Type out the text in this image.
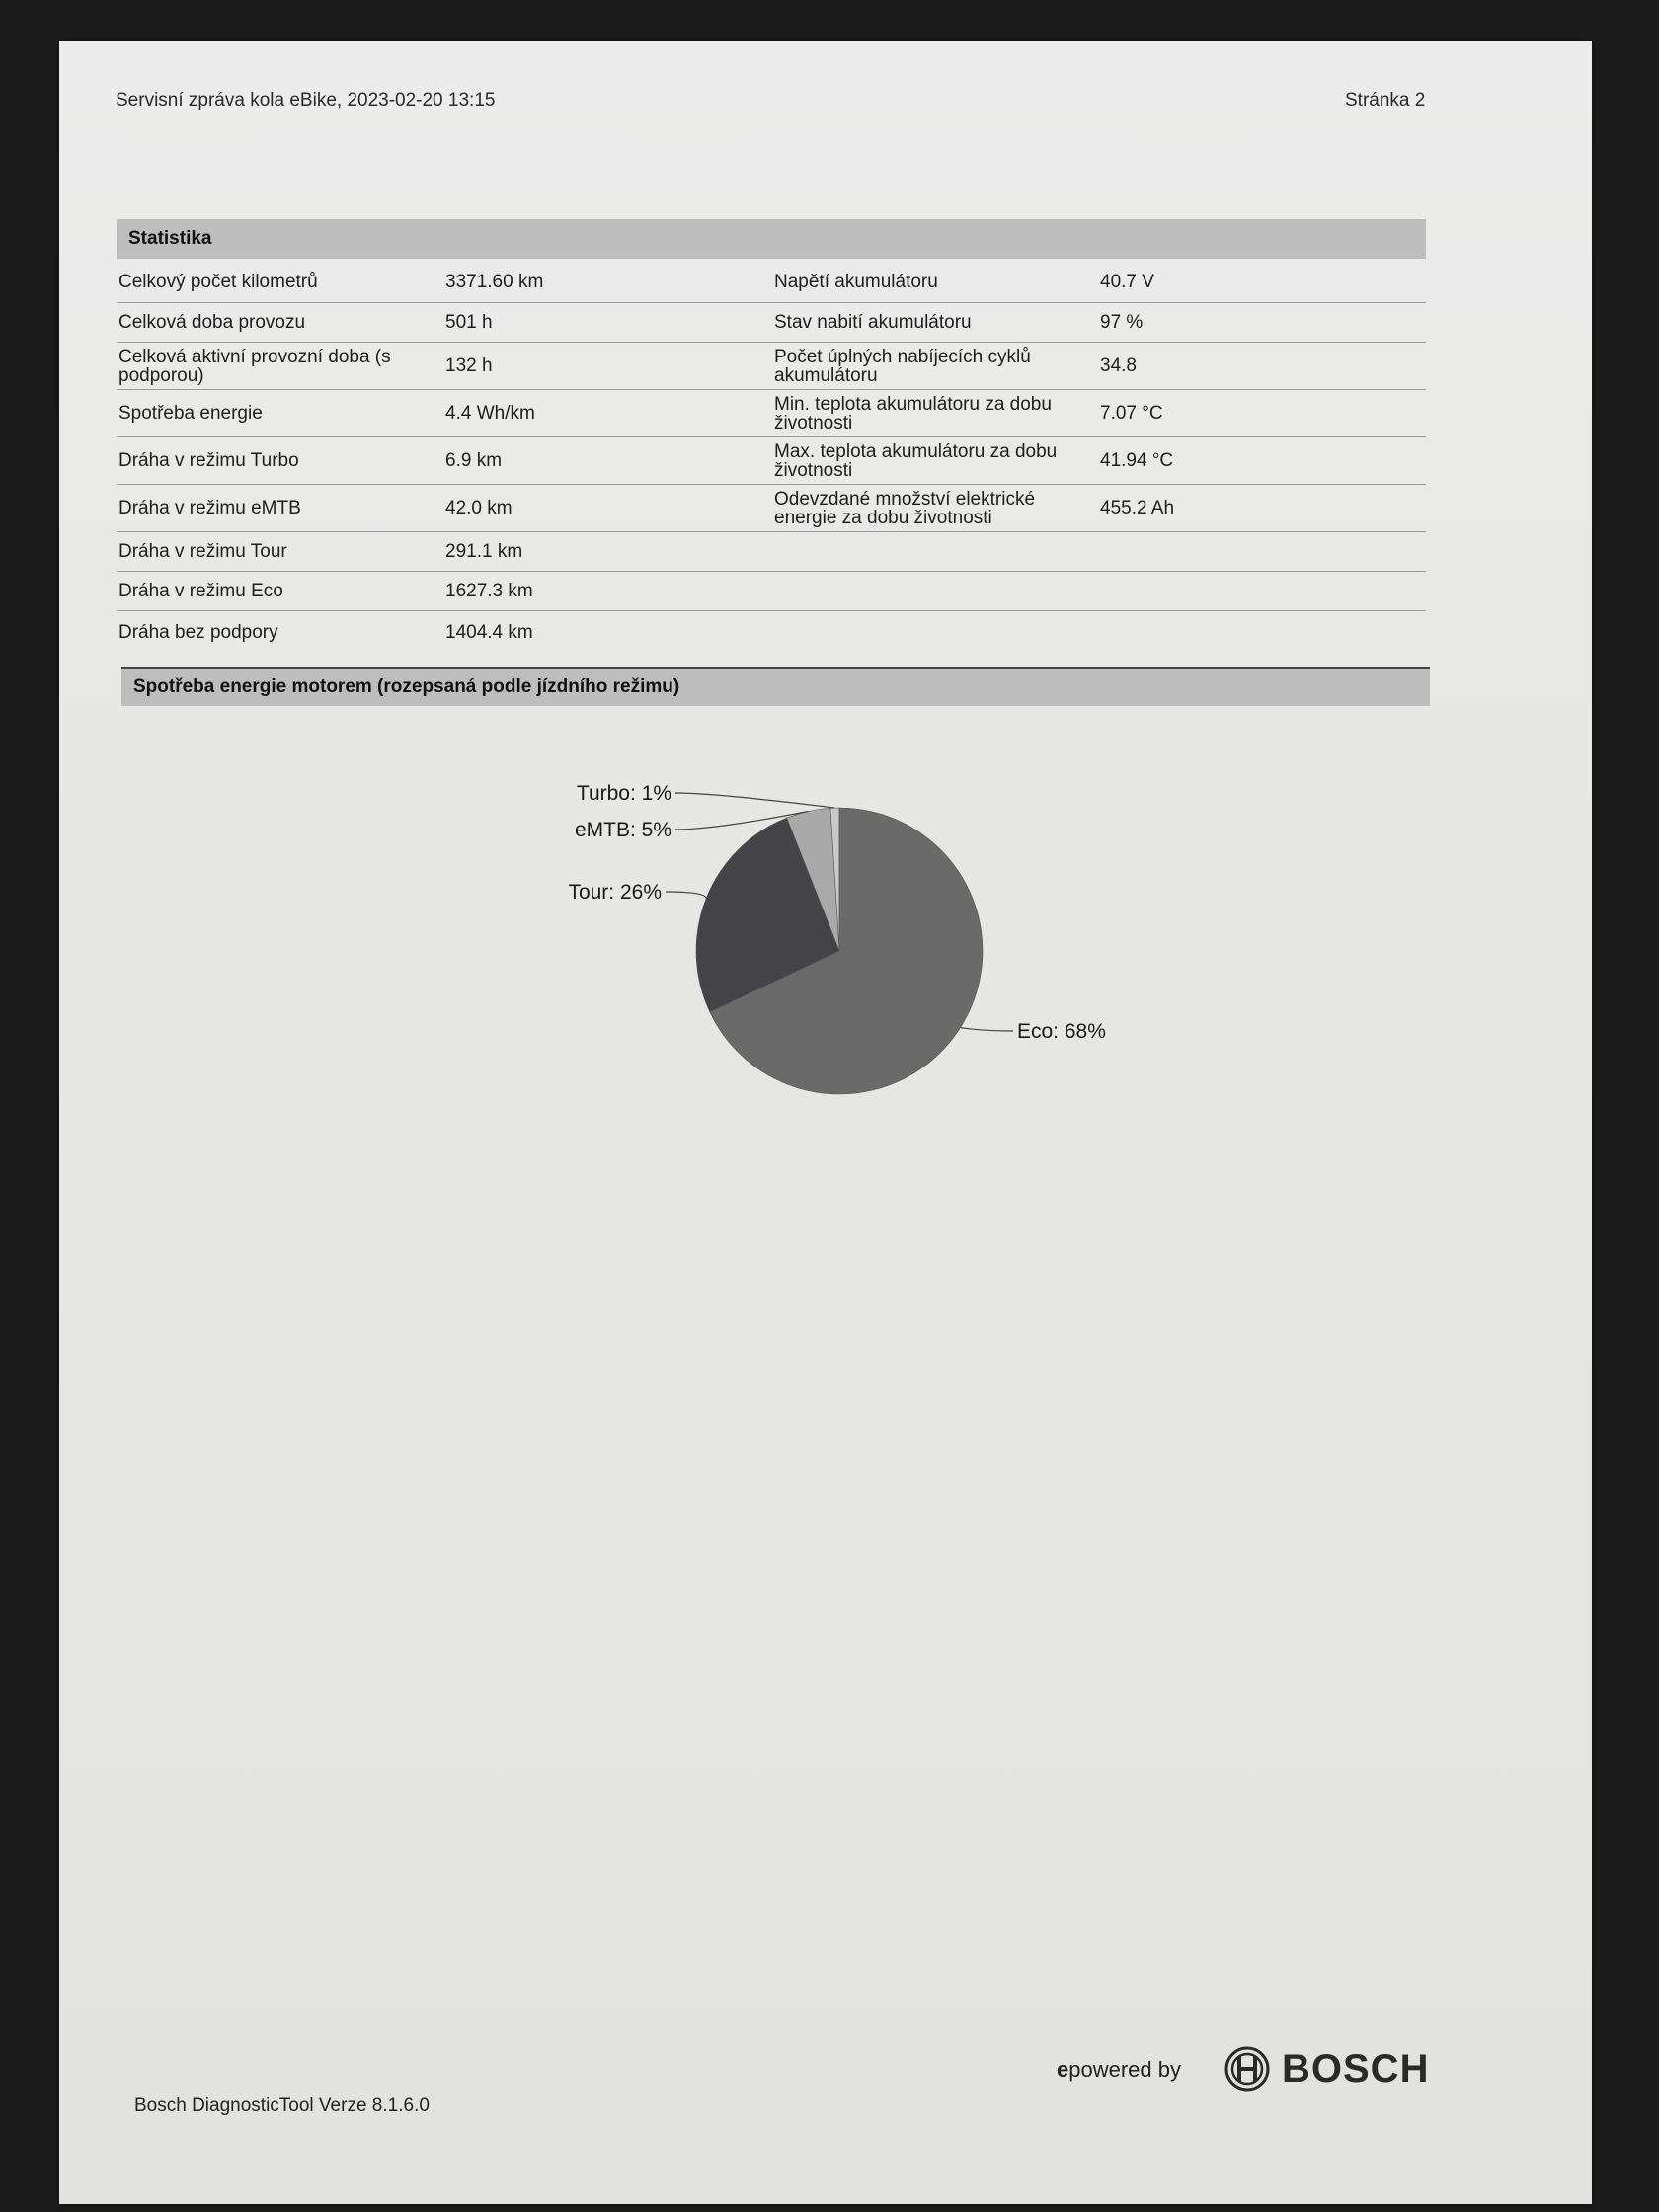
Servisní zpráva kola eBike, 2023-02-20 13:15	Stránka 2
Statistika
Celkový počet kilometrů	3371.60 km	Napětí akumulátoru	40.7 V
Celková doba provozu	501 h	Stav nabití akumulátoru	97 %
Celková aktivní provozní doba (s podporou)	132 h	Počet úplných nabíjecích cyklů akumulátoru	34.8
Spotřeba energie	4.4 Wh/km	Min. teplota akumulátoru za dobu životnosti	7.07 °C
Dráha v režimu Turbo	6.9 km	Max. teplota akumulátoru za dobu životnosti	41.94 °C
Dráha v režimu eMTB	42.0 km	Odevzdané množství elektrické energie za dobu životnosti	455.2 Ah
Dráha v režimu Tour	291.1 km
Dráha v režimu Eco	1627.3 km
Dráha bez podpory	1404.4 km
Spotřeba energie motorem (rozepsaná podle jízdního režimu)
Turbo: 1%
eMTB: 5%
Tour: 26%
Eco: 68%
Bosch DiagnosticTool Verze 8.1.6.0
epowered by	BOSCH
